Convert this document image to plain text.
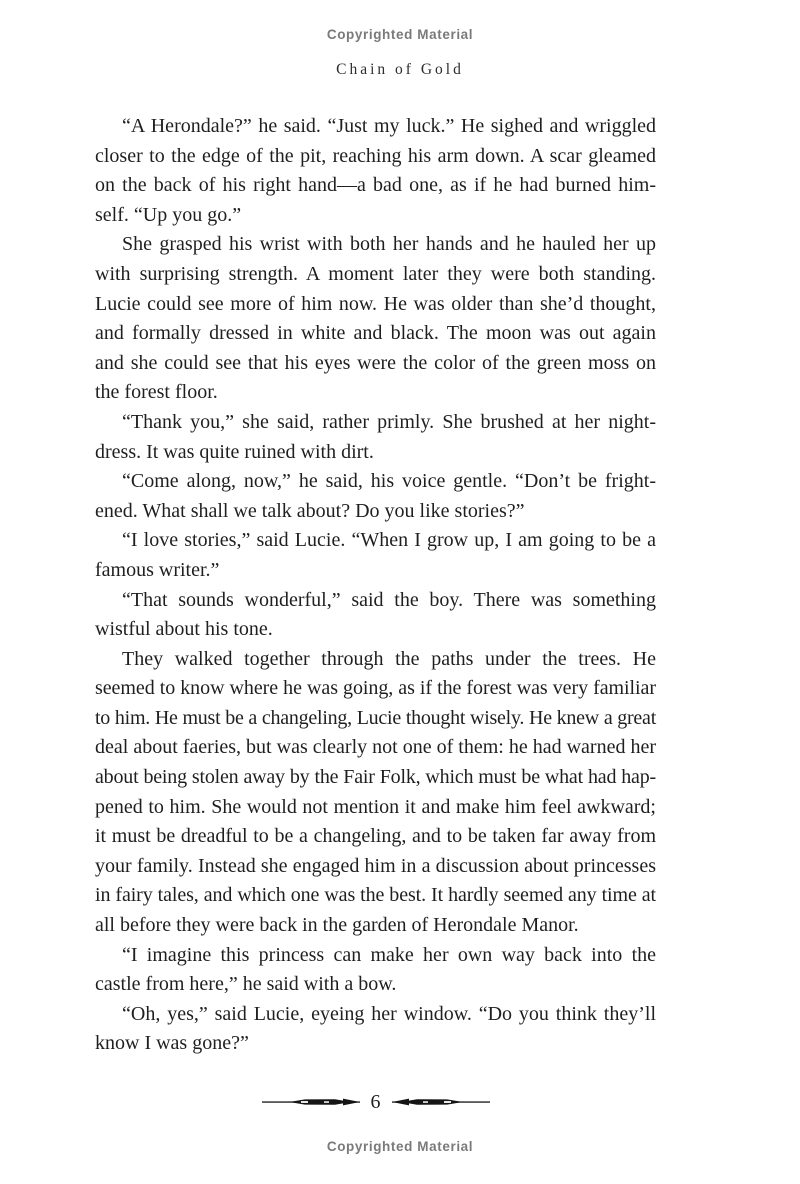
Copyrighted Material
Chain of Gold
“A Herondale?” he said. “Just my luck.” He sighed and wriggled
closer to the edge of the pit, reaching his arm down. A scar gleamed
on the back of his right hand—a bad one, as if he had burned him-
self. “Up you go.”
She grasped his wrist with both her hands and he hauled her up
with surprising strength. A moment later they were both standing.
Lucie could see more of him now. He was older than she’d thought,
and formally dressed in white and black. The moon was out again
and she could see that his eyes were the color of the green moss on
the forest floor.
“Thank you,” she said, rather primly. She brushed at her night-
dress. It was quite ruined with dirt.
“Come along, now,” he said, his voice gentle. “Don’t be fright-
ened. What shall we talk about? Do you like stories?”
“I love stories,” said Lucie. “When I grow up, I am going to be a
famous writer.”
“That sounds wonderful,” said the boy. There was something
wistful about his tone.
They walked together through the paths under the trees. He
seemed to know where he was going, as if the forest was very familiar
to him. He must be a changeling, Lucie thought wisely. He knew a great
deal about faeries, but was clearly not one of them: he had warned her
about being stolen away by the Fair Folk, which must be what had hap-
pened to him. She would not mention it and make him feel awkward;
it must be dreadful to be a changeling, and to be taken far away from
your family. Instead she engaged him in a discussion about princesses
in fairy tales, and which one was the best. It hardly seemed any time at
all before they were back in the garden of Herondale Manor.
“I imagine this princess can make her own way back into the
castle from here,” he said with a bow.
“Oh, yes,” said Lucie, eyeing her window. “Do you think they’ll
know I was gone?”
6
Copyrighted Material
